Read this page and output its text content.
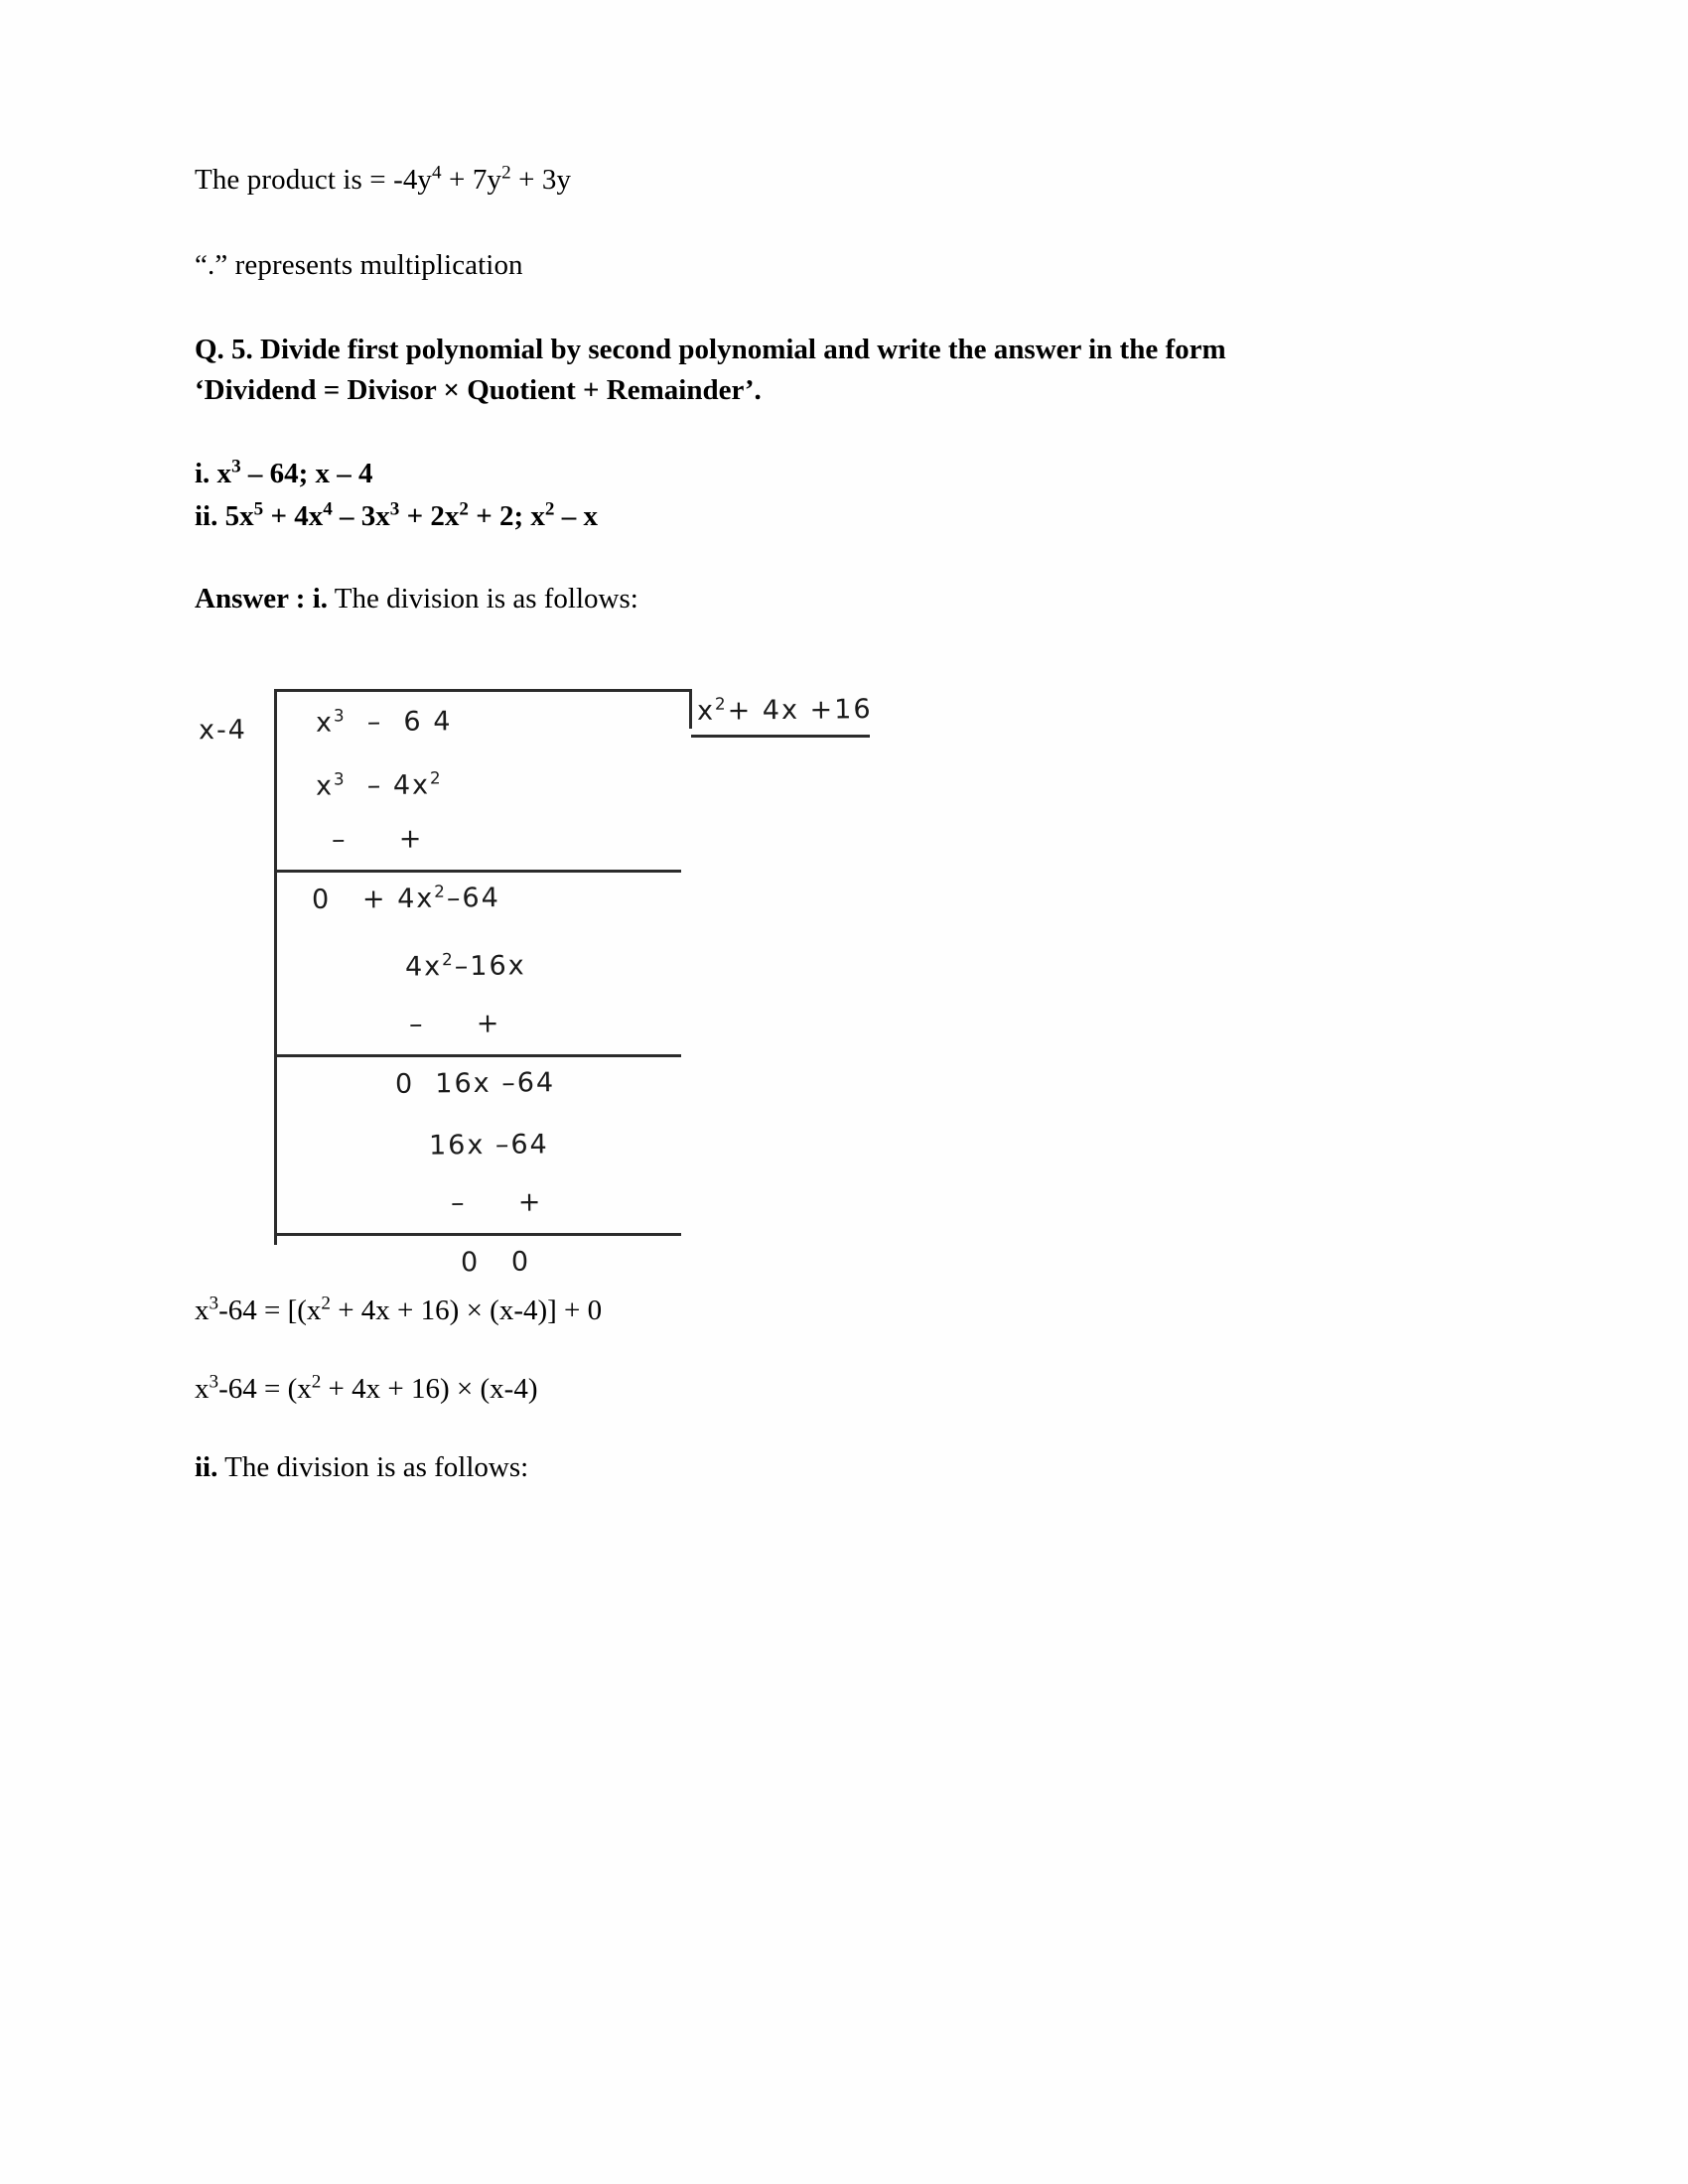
The product is = $-4y^4 + 7y^2 + 3y$

“.” represents multiplication

Q. 5. Divide first polynomial by second polynomial and write the answer in the form
‘Dividend = Divisor × Quotient + Remainder’.
i. $x^3 - 64$; x – 4
ii. $5x^5 + 4x^4 - 3x^3 + 2x^2 + 2$; $x^2$ – x

Answer : i. The division is as follows:

x-4
$x^2+ 4x +16$
$x^3 - 6$ 4
$x^3 - 4x^2$
–    +
$0 + 4x^2-64$
$4x^2-16x$
–    +
0  16x –64
16x –64
–    +
0   0

$x^3-64 = [(x^2 + 4x + 16) \times (x-4)] + 0$

$x^3-64 = (x^2 + 4x + 16) \times (x-4)$

ii. The division is as follows:
